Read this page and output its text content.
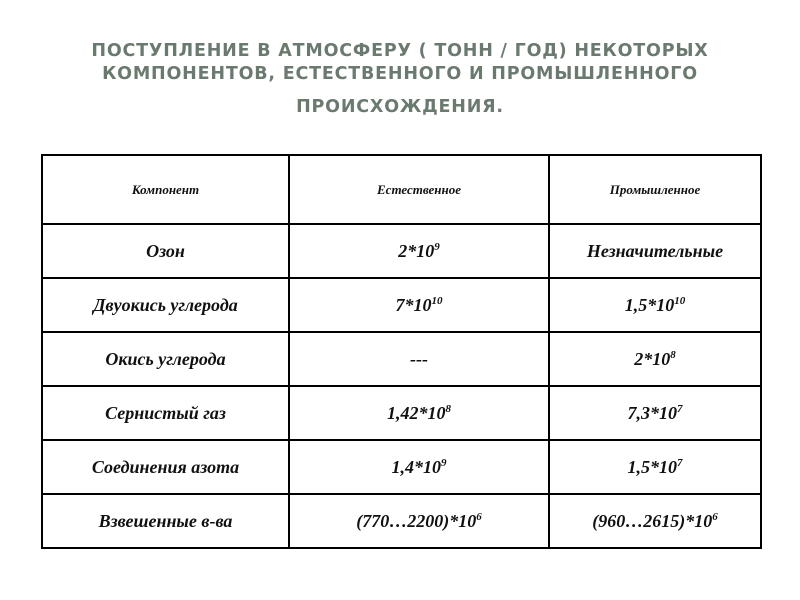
ПОСТУПЛЕНИЕ В АТМОСФЕРУ ( ТОНН / ГОД) НЕКОТОРЫХ
КОМПОНЕНТОВ, ЕСТЕСТВЕННОГО И ПРОМЫШЛЕННОГО
ПРОИСХОЖДЕНИЯ.
Компонент	Естественное	Промышленное
Озон	$2*10^9$	Незначительные
Двуокись углерода	$7*10^{10}$	$1,5*10^{10}$
Окись углерода	---	$2*10^8$
Сернистый газ	$1,42*10^8$	$7,3*10^7$
Соединения азота	$1,4*10^9$	$1,5*10^7$
Взвешенные в-ва	$(770\dots 2200)*10^6$	$(960\dots 2615)*10^6$
